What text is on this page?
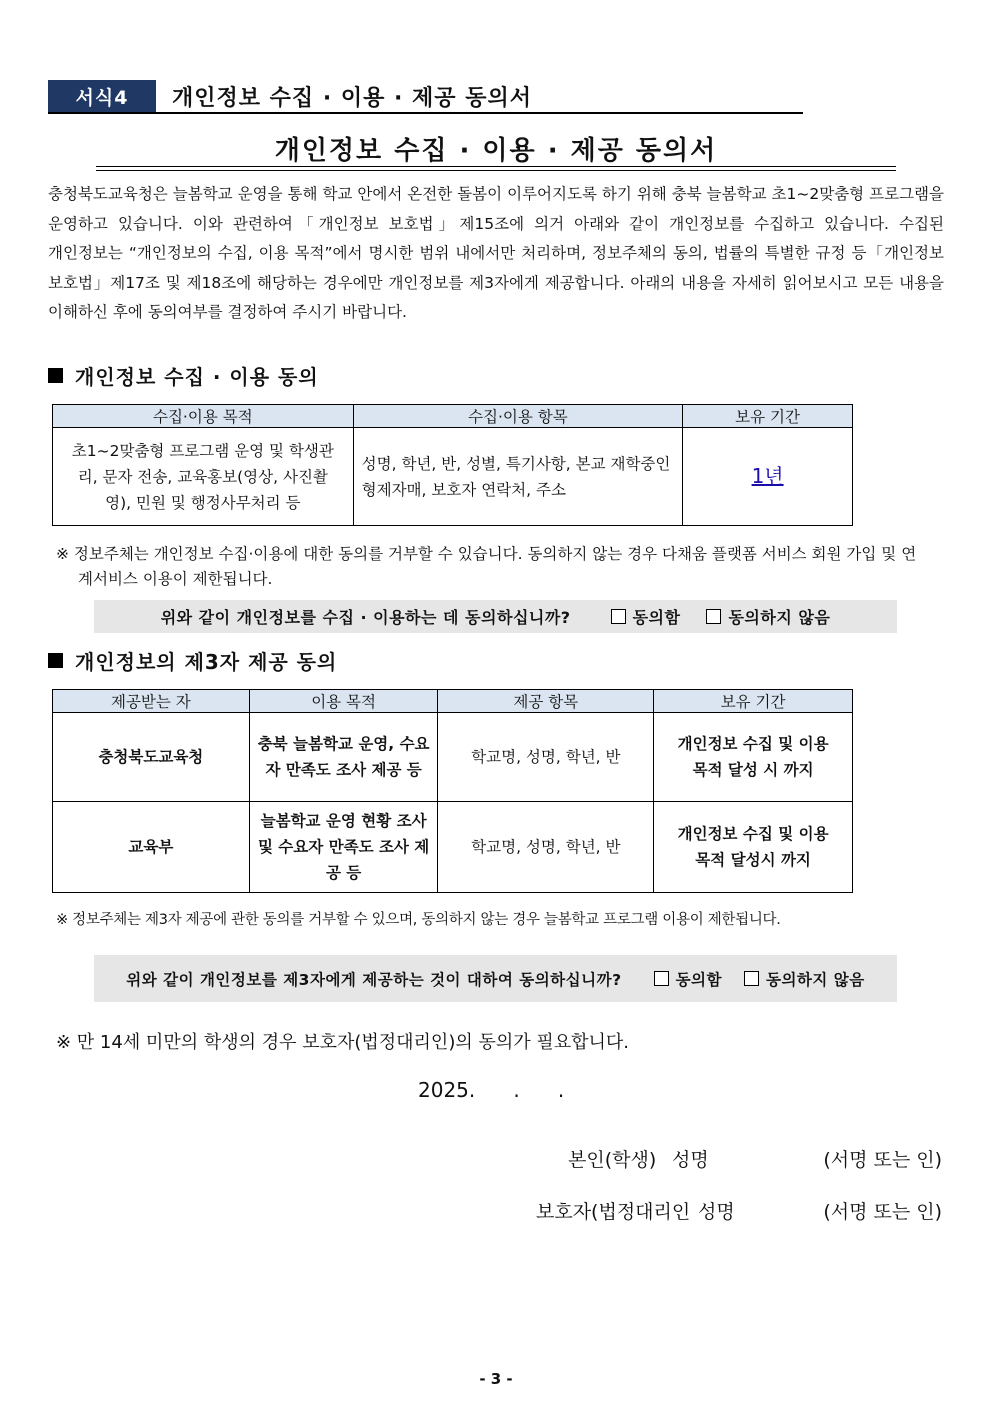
서식4	개인정보 수집 · 이용 · 제공 동의서
개인정보 수집 · 이용 · 제공 동의서
충청북도교육청은 늘봄학교 운영을 통해 학교 안에서 온전한 돌봄이 이루어지도록 하기 위해 충북 늘봄학교 초1~2맞춤형 프로그램을 운영하고 있습니다. 이와 관련하여「개인정보 보호법」제15조에 의거 아래와 같이 개인정보를 수집하고 있습니다. 수집된 개인정보는 “개인정보의 수집, 이용 목적”에서 명시한 범위 내에서만 처리하며, 정보주체의 동의, 법률의 특별한 규정 등「개인정보 보호법」제17조 및 제18조에 해당하는 경우에만 개인정보를 제3자에게 제공합니다. 아래의 내용을 자세히 읽어보시고 모든 내용을 이해하신 후에 동의여부를 결정하여 주시기 바랍니다.
개인정보 수집 · 이용 동의
수집·이용 목적	수집·이용 항목	보유 기간
초1~2맞춤형 프로그램 운영 및 학생관리, 문자 전송, 교육홍보(영상, 사진촬영), 민원 및 행정사무처리 등	성명, 학년, 반, 성별, 특기사항, 본교 재학중인 형제자매, 보호자 연락처, 주소	1년
※ 정보주체는 개인정보 수집·이용에 대한 동의를 거부할 수 있습니다. 동의하지 않는 경우 다채움 플랫폼 서비스 회원 가입 및 연
계서비스 이용이 제한됩니다.
위와 같이 개인정보를 수집 · 이용하는 데 동의하십니까?	동의함	동의하지 않음
개인정보의 제3자 제공 동의
제공받는 자	이용 목적	제공 항목	보유 기간
충청북도교육청	충북 늘봄학교 운영, 수요자 만족도 조사 제공 등	학교명, 성명, 학년, 반	개인정보 수집 및 이용목적 달성 시 까지
교육부	늘봄학교 운영 현황 조사 및 수요자 만족도 조사 제공 등	학교명, 성명, 학년, 반	개인정보 수집 및 이용목적 달성시 까지
※ 정보주체는 제3자 제공에 관한 동의를 거부할 수 있으며, 동의하지 않는 경우 늘봄학교 프로그램 이용이 제한됩니다.
위와 같이 개인정보를 제3자에게 제공하는 것이 대하여 동의하십니까?	동의함	동의하지 않음
※ 만 14세 미만의 학생의 경우 보호자(법정대리인)의 동의가 필요합니다.
2025.      .      .
본인(학생) 성명	(서명 또는 인)
보호자(법정대리인 성명	(서명 또는 인)
- 3 -
